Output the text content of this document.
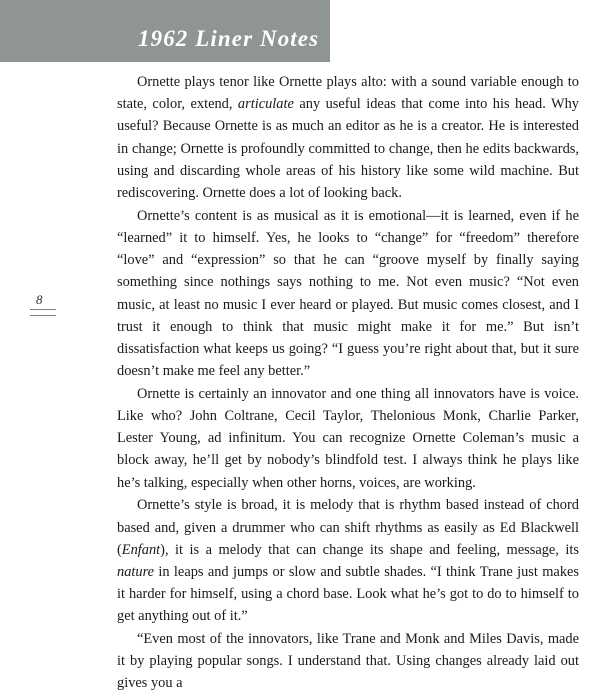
1962 Liner Notes
8

Ornette plays tenor like Ornette plays alto: with a sound variable enough to state, color, extend, articulate any useful ideas that come into his head. Why useful? Because Ornette is as much an editor as he is a creator. He is interested in change; Ornette is profoundly committed to change, then he edits backwards, using and discarding whole areas of his history like some wild machine. But rediscovering. Ornette does a lot of looking back.

Ornette’s content is as musical as it is emotional—it is learned, even if he “learned” it to himself. Yes, he looks to “change” for “freedom” therefore “love” and “expression” so that he can “groove myself by finally saying something since nothings says nothing to me. Not even music? “Not even music, at least no music I ever heard or played. But music comes closest, and I trust it enough to think that music might make it for me.” But isn’t dissatisfaction what keeps us going? “I guess you’re right about that, but it sure doesn’t make me feel any better.”

Ornette is certainly an innovator and one thing all innovators have is voice. Like who? John Coltrane, Cecil Taylor, Thelonious Monk, Charlie Parker, Lester Young, ad infinitum. You can recognize Ornette Coleman’s music a block away, he’ll get by nobody’s blindfold test. I always think he plays like he’s talking, especially when other horns, voices, are working.

Ornette’s style is broad, it is melody that is rhythm based instead of chord based and, given a drummer who can shift rhythms as easily as Ed Blackwell (Enfant), it is a melody that can change its shape and feeling, message, its nature in leaps and jumps or slow and subtle shades. “I think Trane just makes it harder for himself, using a chord base. Look what he’s got to do to himself to get anything out of it.”

“Even most of the innovators, like Trane and Monk and Miles Davis, made it by playing popular songs. I understand that. Using changes already laid out gives you a
